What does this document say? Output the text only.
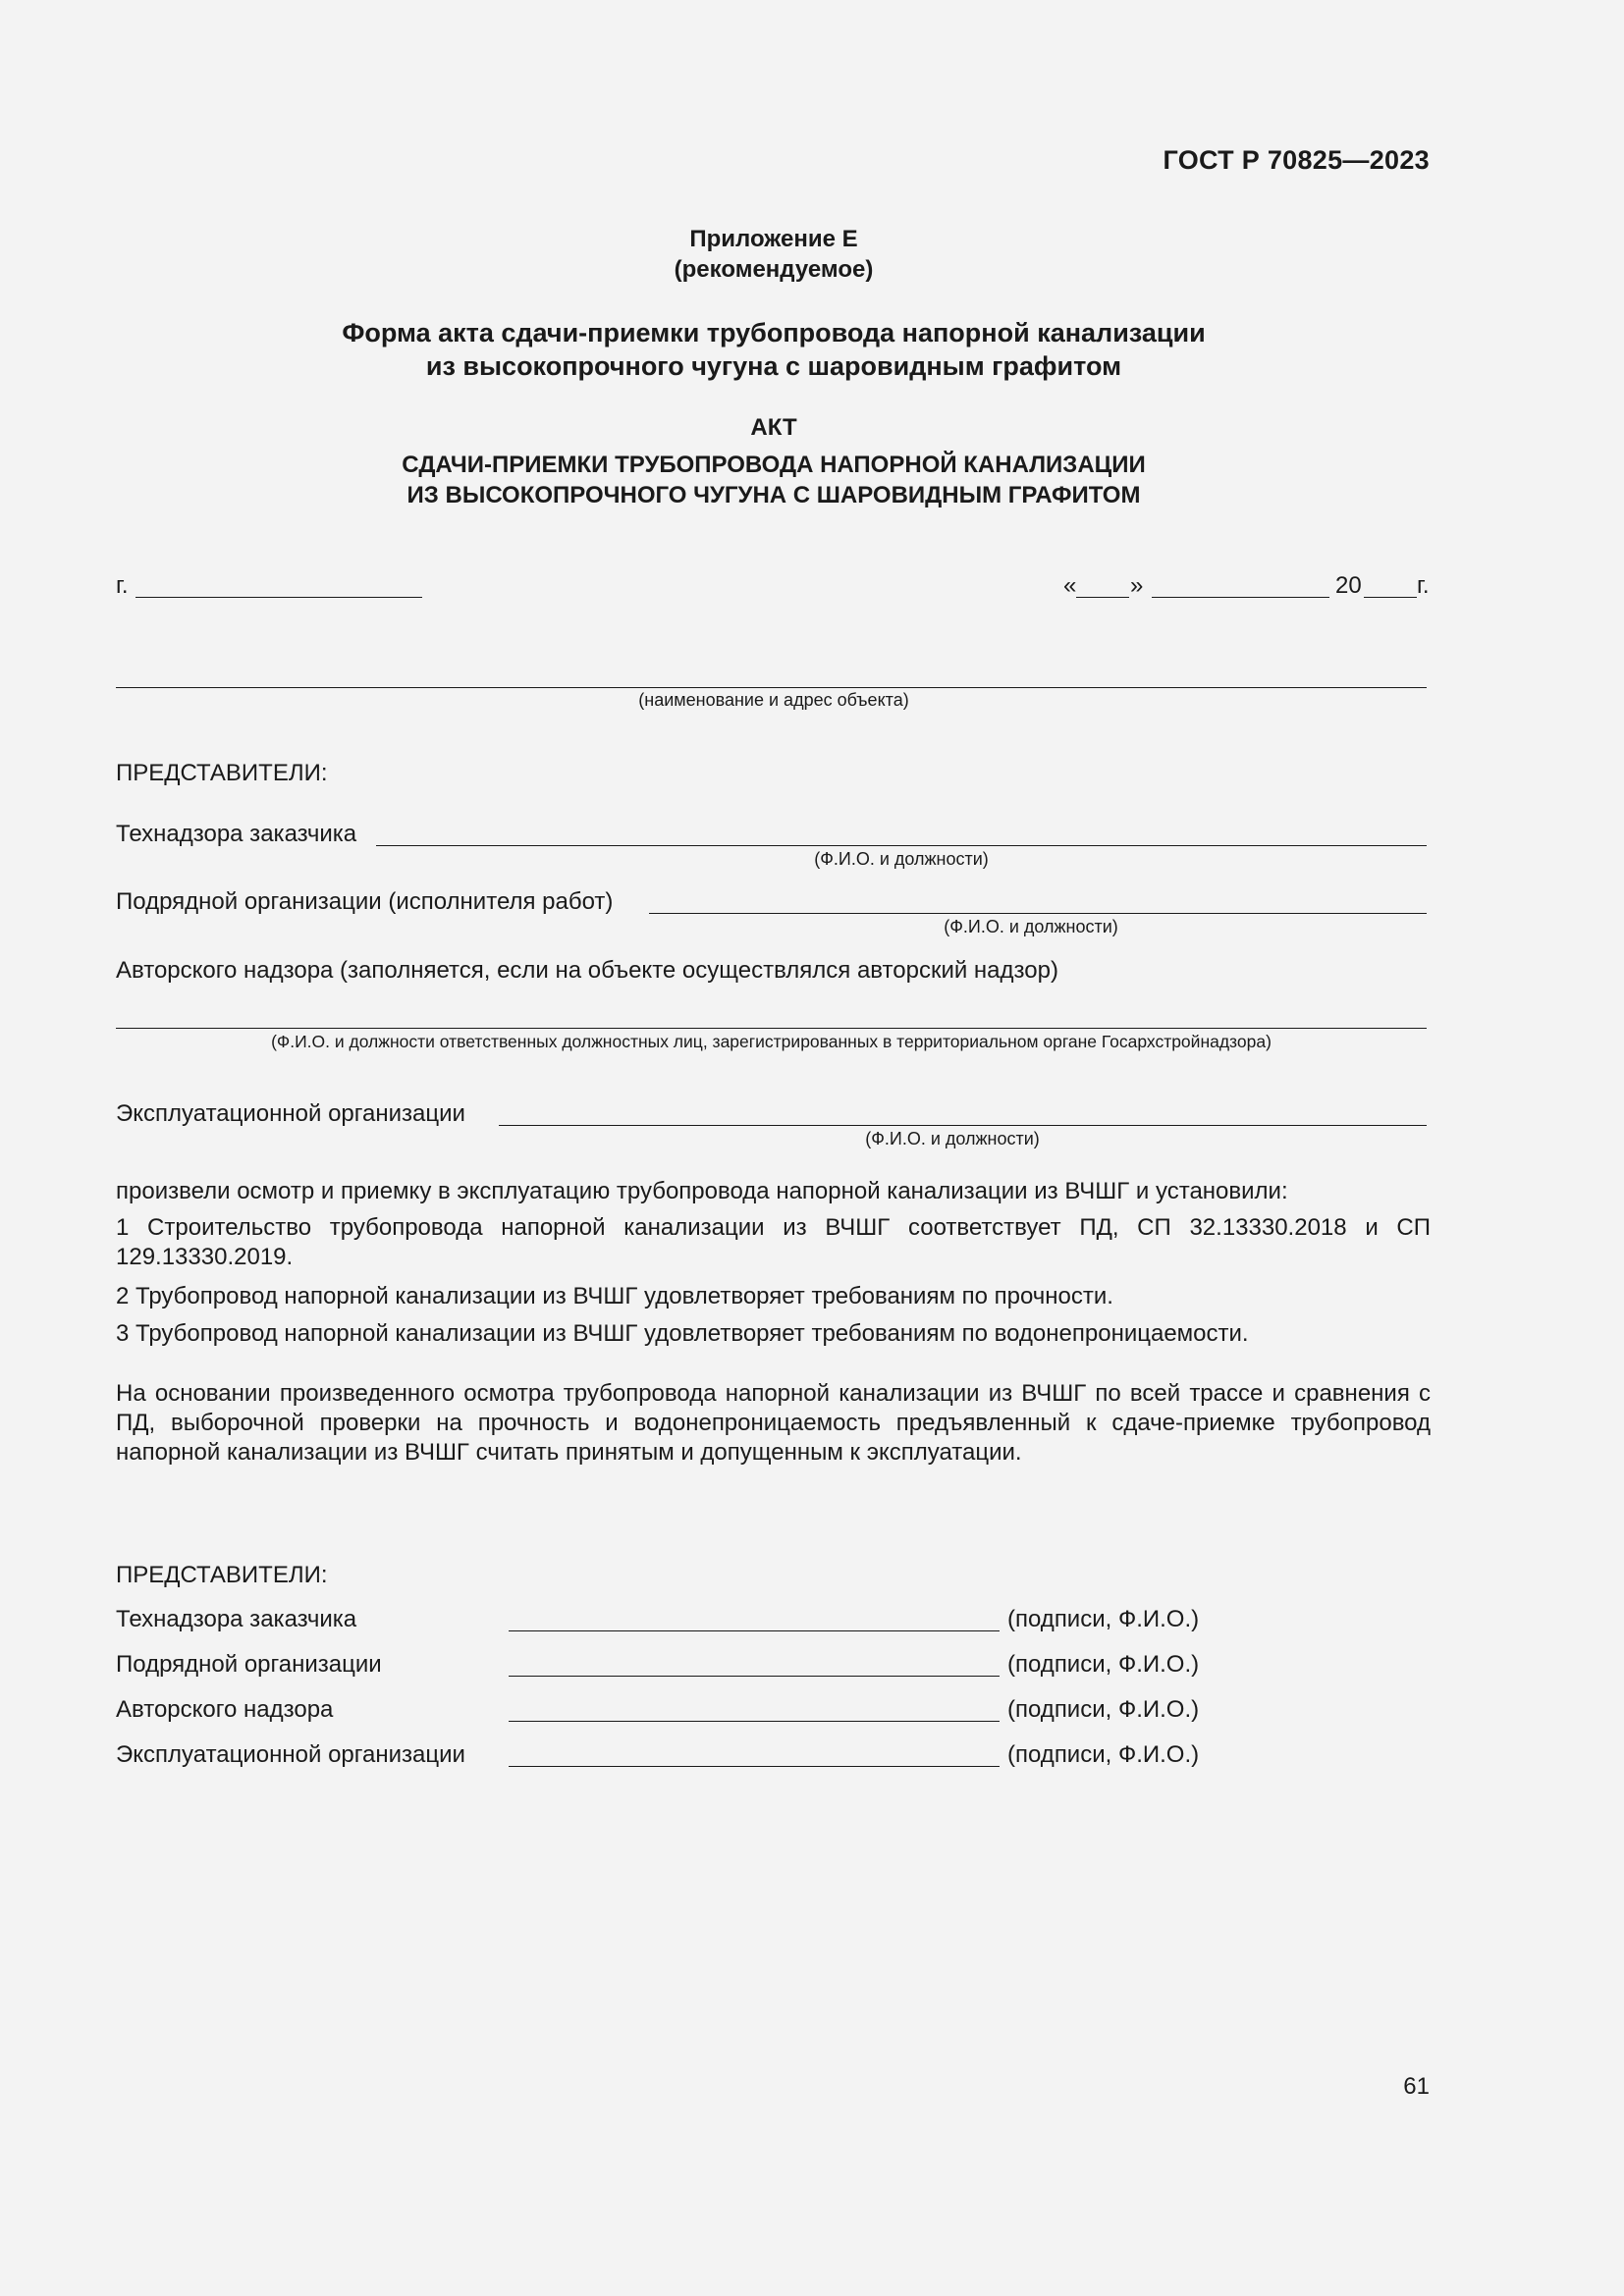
ГОСТ Р 70825—2023
Приложение Е
(рекомендуемое)
Форма акта сдачи-приемки трубопровода напорной канализации
из высокопрочного чугуна с шаровидным графитом
АКТ
СДАЧИ-ПРИЕМКИ ТРУБОПРОВОДА НАПОРНОЙ КАНАЛИЗАЦИИ
ИЗ ВЫСОКОПРОЧНОГО ЧУГУНА С ШАРОВИДНЫМ ГРАФИТОМ
г.	« »	20 г.
(наименование и адрес объекта)
ПРЕДСТАВИТЕЛИ:
Технадзора заказчика
(Ф.И.О. и должности)
Подрядной организации (исполнителя работ)
(Ф.И.О. и должности)
Авторского надзора (заполняется, если на объекте осуществлялся авторский надзор)
(Ф.И.О. и должности ответственных должностных лиц, зарегистрированных в территориальном органе Госархстройнадзора)
Эксплуатационной организации
(Ф.И.О. и должности)
произвели осмотр и приемку в эксплуатацию трубопровода напорной канализации из ВЧШГ и установили:
1 Строительство трубопровода напорной канализации из ВЧШГ соответствует ПД, СП 32.13330.2018 и СП 129.13330.2019.
2 Трубопровод напорной канализации из ВЧШГ удовлетворяет требованиям по прочности.
3 Трубопровод напорной канализации из ВЧШГ удовлетворяет требованиям по водонепроницаемости.
На основании произведенного осмотра трубопровода напорной канализации из ВЧШГ по всей трассе и сравнения с ПД, выборочной проверки на прочность и водонепроницаемость предъявленный к сдаче-приемке трубопровод напорной канализации из ВЧШГ считать принятым и допущенным к эксплуатации.
ПРЕДСТАВИТЕЛИ:
Технадзора заказчика	(подписи, Ф.И.О.)
Подрядной организации	(подписи, Ф.И.О.)
Авторского надзора	(подписи, Ф.И.О.)
Эксплуатационной организации	(подписи, Ф.И.О.)
61
